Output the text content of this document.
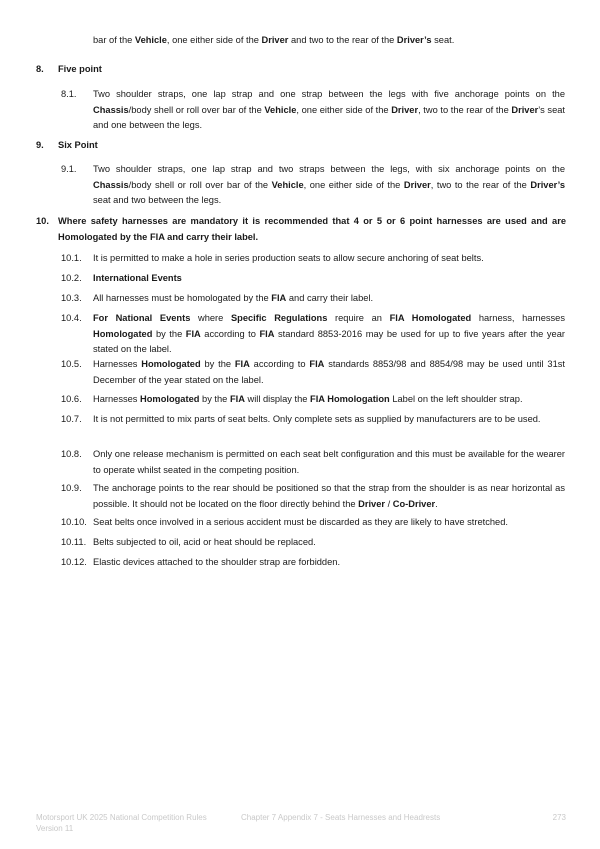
bar of the Vehicle, one either side of the Driver and two to the rear of the Driver’s seat.
8. Five point
8.1. Two shoulder straps, one lap strap and one strap between the legs with five anchorage points on the Chassis/body shell or roll over bar of the Vehicle, one either side of the Driver, two to the rear of the Driver’s seat and one between the legs.
9. Six Point
9.1. Two shoulder straps, one lap strap and two straps between the legs, with six anchorage points on the Chassis/body shell or roll over bar of the Vehicle, one either side of the Driver, two to the rear of the Driver’s seat and two between the legs.
10. Where safety harnesses are mandatory it is recommended that 4 or 5 or 6 point harnesses are used and are Homologated by the FIA and carry their label.
10.1. It is permitted to make a hole in series production seats to allow secure anchoring of seat belts.
10.2. International Events
10.3. All harnesses must be homologated by the FIA and carry their label.
10.4. For National Events where Specific Regulations require an FIA Homologated harness, harnesses Homologated by the FIA according to FIA standard 8853-2016 may be used for up to five years after the year stated on the label.
10.5. Harnesses Homologated by the FIA according to FIA standards 8853/98 and 8854/98 may be used until 31st December of the year stated on the label.
10.6. Harnesses Homologated by the FIA will display the FIA Homologation Label on the left shoulder strap.
10.7. It is not permitted to mix parts of seat belts. Only complete sets as supplied by manufacturers are to be used.
10.8. Only one release mechanism is permitted on each seat belt configuration and this must be available for the wearer to operate whilst seated in the competing position.
10.9. The anchorage points to the rear should be positioned so that the strap from the shoulder is as near horizontal as possible. It should not be located on the floor directly behind the Driver / Co-Driver.
10.10. Seat belts once involved in a serious accident must be discarded as they are likely to have stretched.
10.11. Belts subjected to oil, acid or heat should be replaced.
10.12. Elastic devices attached to the shoulder strap are forbidden.
Motorsport UK 2025 National Competition Rules
Version 11
Chapter 7 Appendix 7 - Seats Harnesses and Headrests	273
